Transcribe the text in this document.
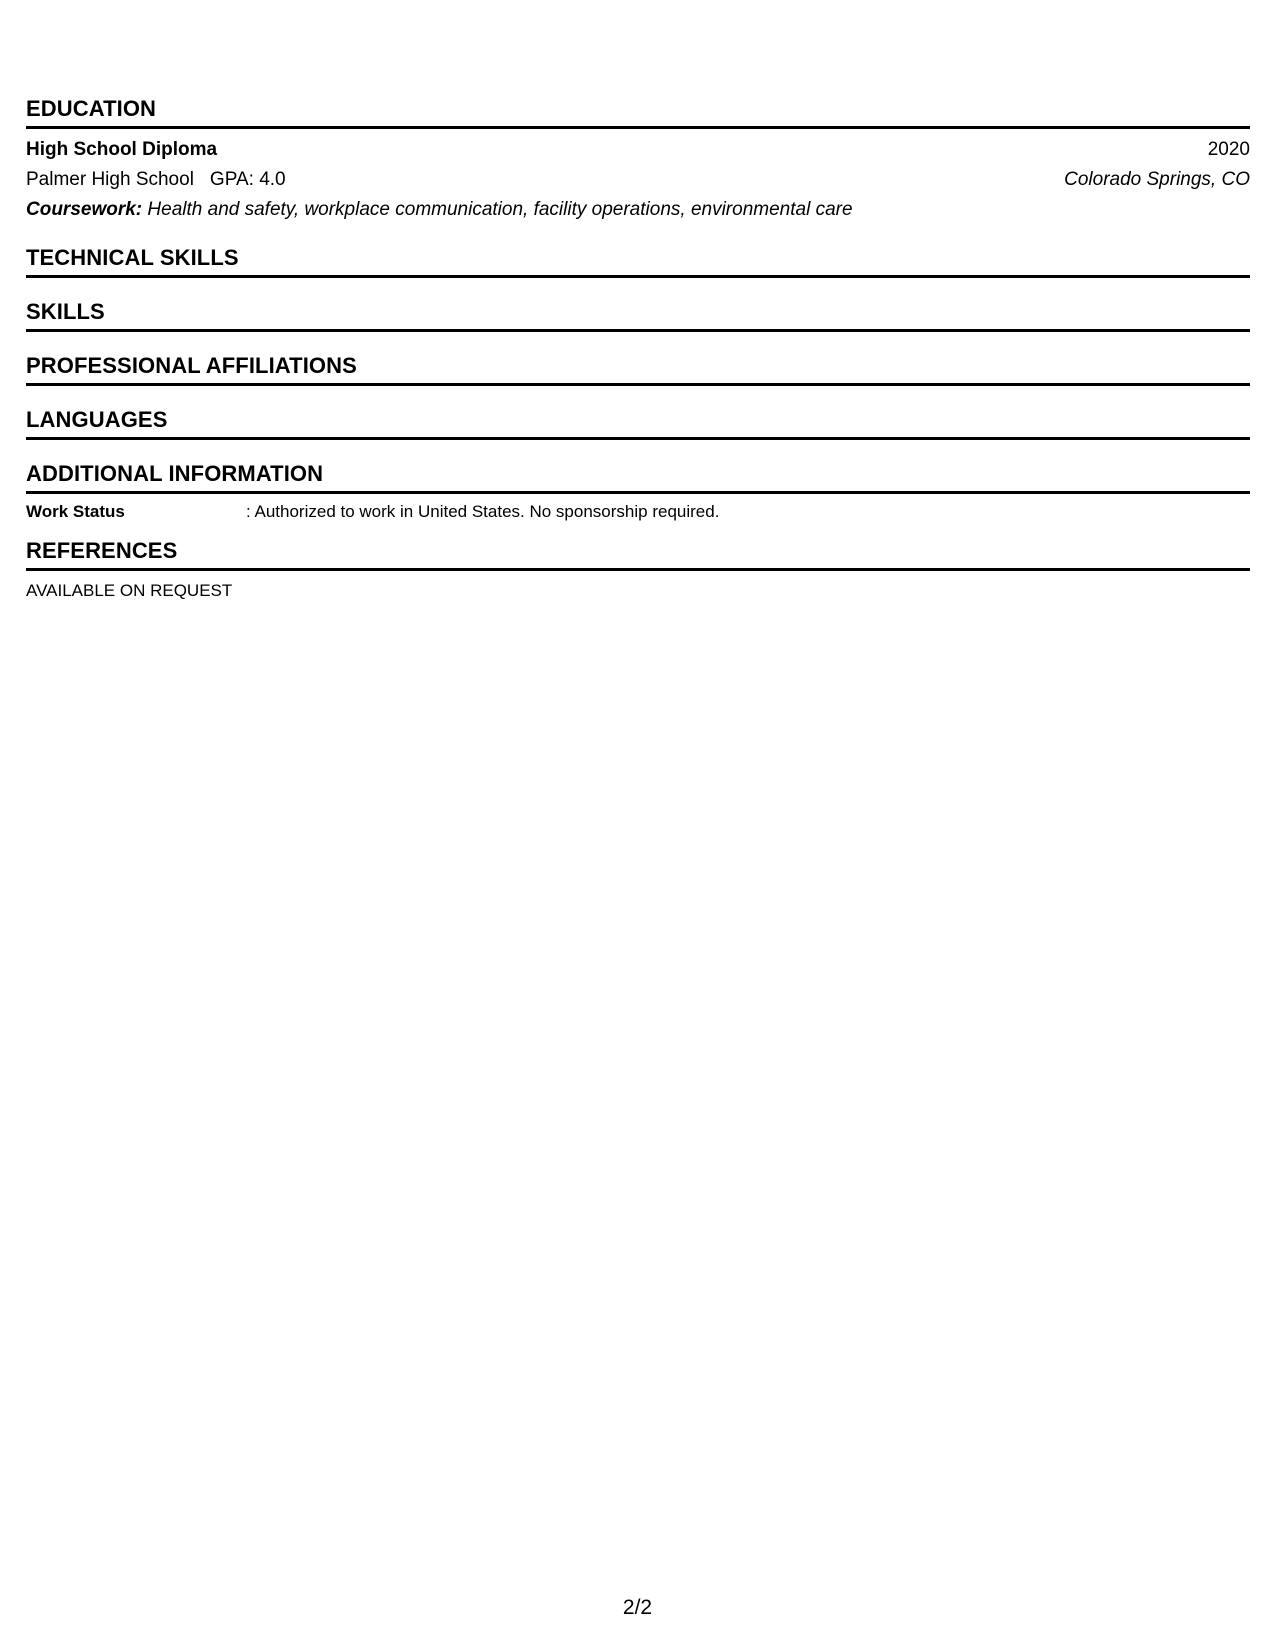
EDUCATION
High School Diploma	2020
Palmer High School GPA: 4.0	Colorado Springs, CO
Coursework: Health and safety, workplace communication, facility operations, environmental care
TECHNICAL SKILLS
SKILLS
PROFESSIONAL AFFILIATIONS
LANGUAGES
ADDITIONAL INFORMATION
Work Status	: Authorized to work in United States. No sponsorship required.
REFERENCES
AVAILABLE ON REQUEST
2/2
